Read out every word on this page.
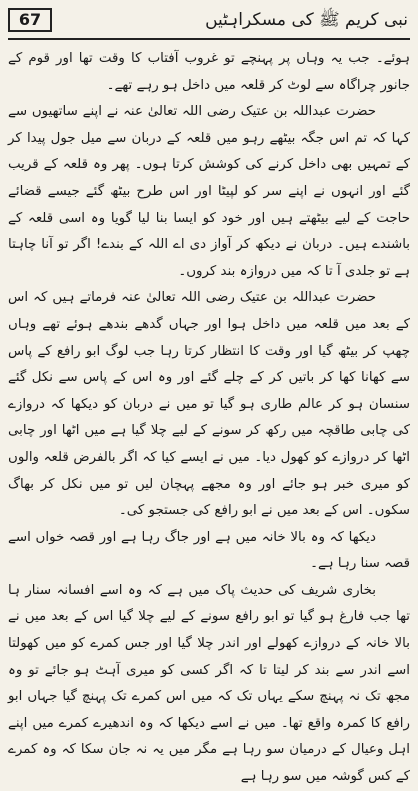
67	نبی کریم ﷺ کی مسکراہٹیں

ہوئے۔ جب یہ وہاں پر پہنچے تو غروب آفتاب کا وقت تھا اور قوم کے جانور چراگاہ سے لوٹ کر قلعہ میں داخل ہو رہے تھے۔

حضرت عبداللہ بن عتیک رضی اللہ تعالیٰ عنہ نے اپنے ساتھیوں سے کہا کہ تم اس جگہ بیٹھے رہو میں قلعہ کے دربان سے میل جول پیدا کر کے تمہیں بھی داخل کرنے کی کوشش کرتا ہوں۔ پھر وہ قلعہ کے قریب گئے اور انہوں نے اپنے سر کو لپیٹا اور اس طرح بیٹھ گئے جیسے قضائے حاجت کے لیے بیٹھتے ہیں اور خود کو ایسا بنا لیا گویا وہ اسی قلعہ کے باشندے ہیں۔ دربان نے دیکھ کر آواز دی اے اللہ کے بندے! اگر تو آنا چاہتا ہے تو جلدی آ تا کہ میں دروازہ بند کروں۔

حضرت عبداللہ بن عتیک رضی اللہ تعالیٰ عنہ فرماتے ہیں کہ اس کے بعد میں قلعہ میں داخل ہوا اور جہاں گدھے بندھے ہوئے تھے وہاں چھپ کر بیٹھ گیا اور وقت کا انتظار کرتا رہا جب لوگ ابو رافع کے پاس سے کھانا کھا کر باتیں کر کے چلے گئے اور وہ اس کے پاس سے نکل گئے سنسان ہو کر عالم طاری ہو گیا تو میں نے دربان کو دیکھا کہ دروازے کی چابی طاقچہ میں رکھ کر سونے کے لیے چلا گیا ہے میں اٹھا اور چابی اٹھا کر دروازے کو کھول دیا۔ میں نے ایسے کیا کہ اگر بالفرض قلعہ والوں کو میری خبر ہو جائے اور وہ مجھے پہچان لیں تو میں نکل کر بھاگ سکوں۔ اس کے بعد میں نے ابو رافع کی جستجو کی۔

دیکھا کہ وہ بالا خانہ میں ہے اور جاگ رہا ہے اور قصہ خواں اسے قصہ سنا رہا ہے۔

بخاری شریف کی حدیث پاک میں ہے کہ وہ اسے افسانہ سنار ہا تھا جب فارغ ہو گیا تو ابو رافع سونے کے لیے چلا گیا اس کے بعد میں نے بالا خانہ کے دروازے کھولے اور اندر چلا گیا اور جس کمرے کو میں کھولتا اسے اندر سے بند کر لیتا تا کہ اگر کسی کو میری آہٹ ہو جائے تو وہ مجھ تک نہ پہنچ سکے یہاں تک کہ میں اس کمرے تک پہنچ گیا جہاں ابو رافع کا کمرہ واقع تھا۔ میں نے اسے دیکھا کہ وہ اندھیرے کمرے میں اپنے اہل وعیال کے درمیان سو رہا ہے مگر میں یہ نہ جان سکا کہ وہ کمرے کے کس گوشہ میں سو رہا ہے
